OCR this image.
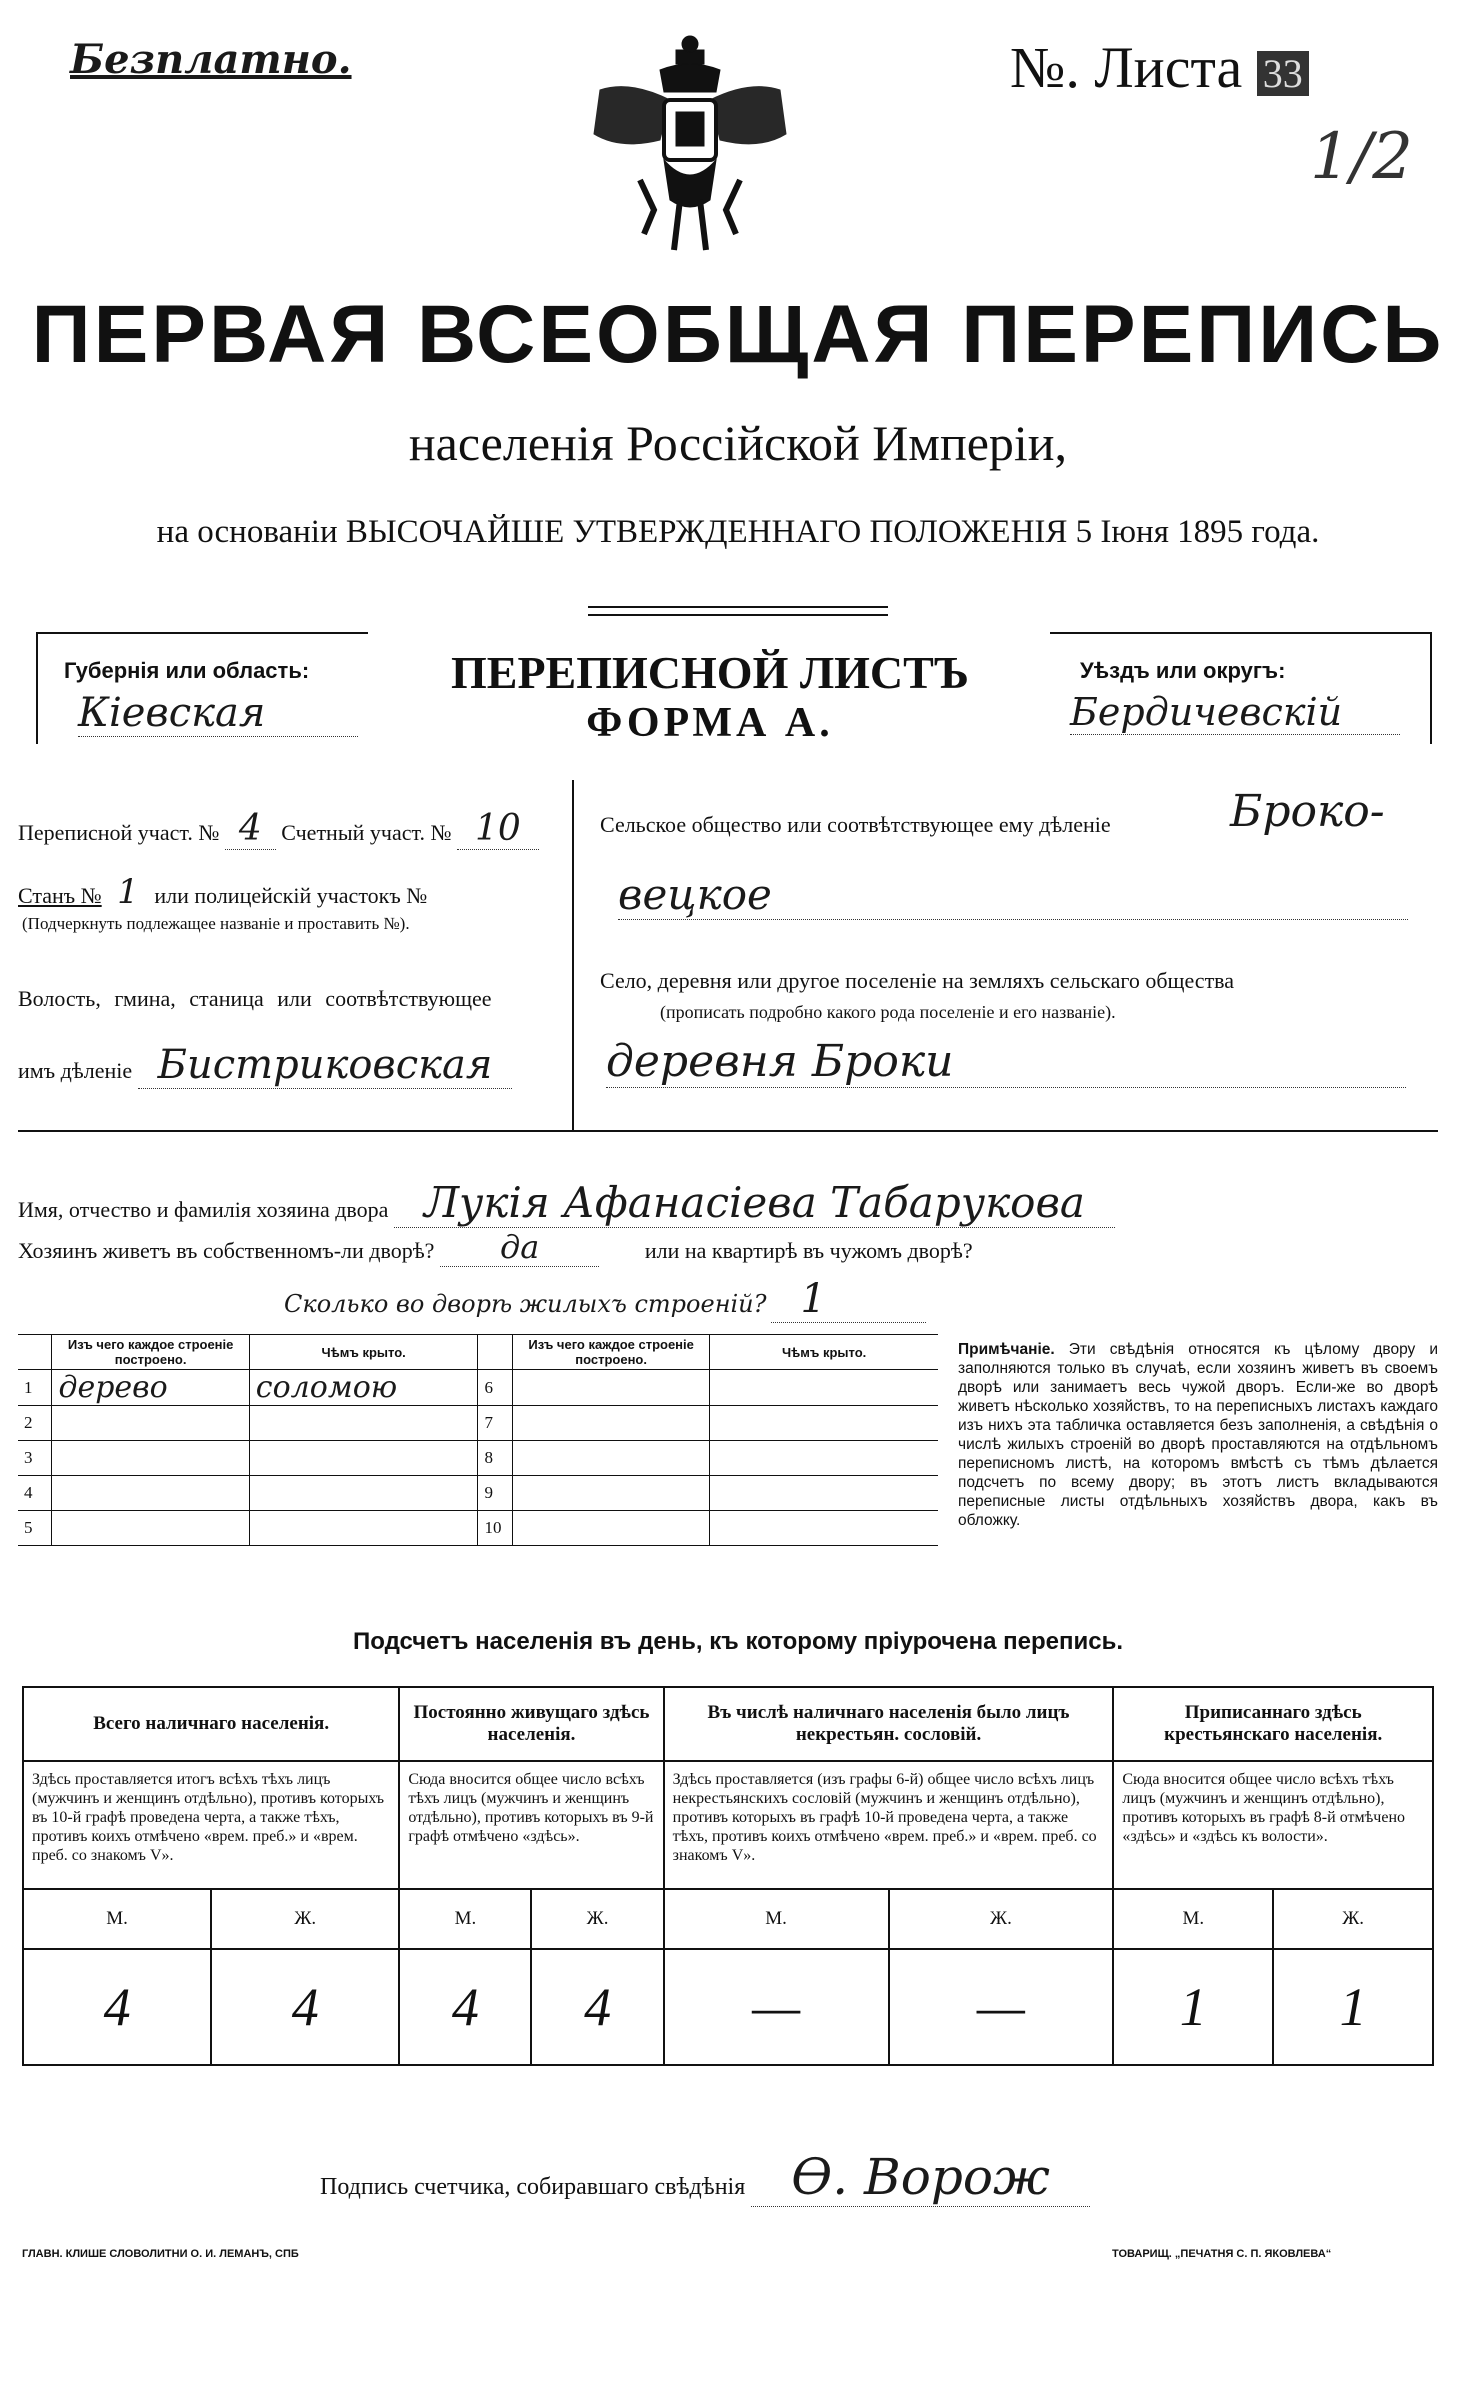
Безплатно.	№. Листа 33
1/2
ПЕРВАЯ ВСЕОБЩАЯ ПЕРЕПИСЬ
населенія Россійской Имперіи,
на основаніи ВЫСОЧАЙШЕ УТВЕРЖДЕННАГО ПОЛОЖЕНІЯ 5 Іюня 1895 года.
Губернія или область:
Кіевская
ПЕРЕПИСНОЙ ЛИСТЪ
ФОРМА А.
Уѣздъ или округъ:
Бердичевскій
Переписной участ. № 4 Счетный участ. № 10
Станъ № 1 или полицейскій участокъ №
(Подчеркнуть подлежащее названіе и проставить №).
Волость, гмина, станица или соотвѣтствующее
имъ дѣленіе Бистриковская
Сельское общество или соотвѣтствующее ему дѣленіе	Броко-
вецкое
Село, деревня или другое поселеніе на земляхъ сельскаго общества
(прописать подробно какого рода поселеніе и его названіе).
деревня Броки
Имя, отчество и фамилія хозяина двора Лукія Афанасіева Табарукова
Хозяинъ живетъ въ собственномъ-ли дворѣ? да	или на квартирѣ въ чужомъ дворѣ?
Сколько во дворѣ жилыхъ строеній? 1
	Изъ чего каждое строеніе построено.	Чѣмъ крыто.		Изъ чего каждое строеніе построено.	Чѣмъ крыто.
1	дерево	соломою	6		
2			7		
3			8		
4			9		
5			10		
Примѣчаніе. Эти свѣдѣнія относятся къ цѣлому двору и заполняются только въ случаѣ, если хозяинъ живетъ въ своемъ дворѣ или занимаетъ весь чужой дворъ. Если-же во дворѣ живетъ нѣсколько хозяйствъ, то на переписныхъ листахъ каждаго изъ нихъ эта табличка оставляется безъ заполненія, а свѣдѣнія о числѣ жилыхъ строеній во дворѣ проставляются на отдѣльномъ переписномъ листѣ, на которомъ вмѣстѣ съ тѣмъ дѣлается подсчетъ по всему двору; въ этотъ листъ вкладываются переписные листы отдѣльныхъ хозяйствъ двора, какъ въ обложку.
Подсчетъ населенія въ день, къ которому пріурочена перепись.
Всего наличнаго населенія.		Постоянно живущаго здѣсь населенія.		Въ числѣ наличнаго населенія было лицъ некрестьян. сословій.		Приписаннаго здѣсь крестьянскаго населенія.	
Здѣсь проставляется итогъ всѣхъ тѣхъ лицъ (мужчинъ и женщинъ отдѣльно), противъ которыхъ въ 10-й графѣ проведена черта, а также тѣхъ, противъ коихъ отмѣчено «врем. преб.» и «врем. преб. со знакомъ V».		Сюда вносится общее число всѣхъ тѣхъ лицъ (мужчинъ и женщинъ отдѣльно), противъ которыхъ въ 9-й графѣ отмѣчено «здѣсь».		Здѣсь проставляется (изъ графы 6-й) общее число всѣхъ лицъ некрестьянскихъ сословій (мужчинъ и женщинъ отдѣльно), противъ которыхъ въ графѣ 10-й проведена черта, а также тѣхъ, противъ коихъ отмѣчено «врем. преб.» и «врем. преб. со знакомъ V».		Сюда вносится общее число всѣхъ тѣхъ лицъ (мужчинъ и женщинъ отдѣльно), противъ которыхъ въ графѣ 8-й отмѣчено «здѣсь» и «здѣсь къ волости».	
М.	Ж.	М.	Ж.	М.	Ж.	М.	Ж.
4	4	4	4	—	—	1	1
Подпись счетчика, собиравшаго свѣдѣнія Ѳ. Ворож
ГЛАВН. КЛИШЕ СЛОВОЛИТНИ О. И. ЛЕМАНЪ, СПБ	ТОВАРИЩ. „ПЕЧАТНЯ С. П. ЯКОВЛЕВА“
